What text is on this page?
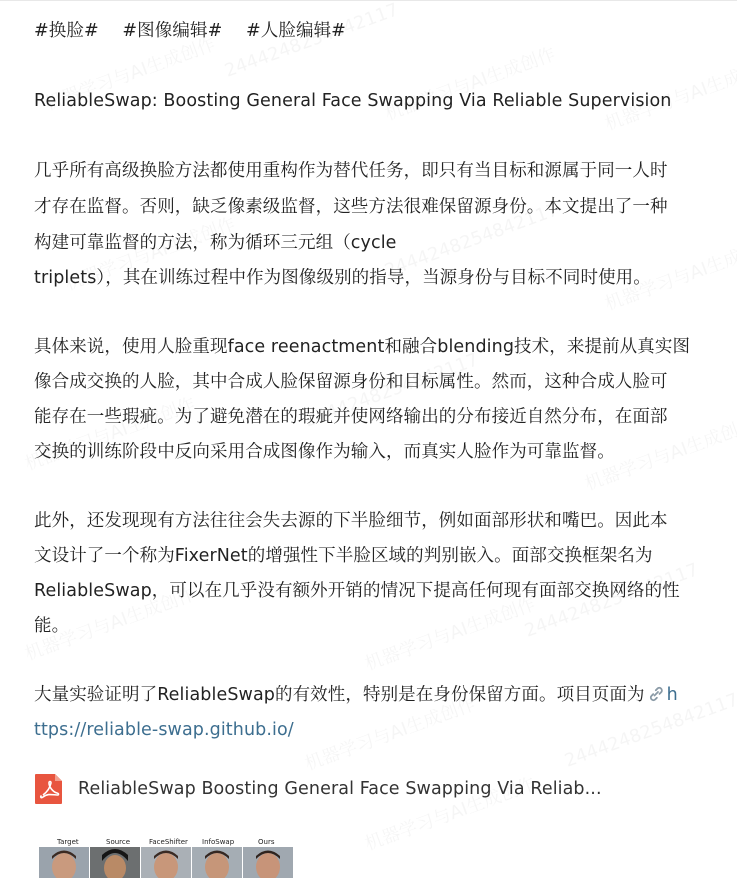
#换脸# #图像编辑# #人脸编辑#
ReliableSwap: Boosting General Face Swapping Via Reliable Supervision
几乎所有高级换脸方法都使用重构作为替代任务，即只有当目标和源属于同一人时
才存在监督。否则，缺乏像素级监督，这些方法很难保留源身份。本文提出了一种
构建可靠监督的方法，称为循环三元组（cycle
triplets），其在训练过程中作为图像级别的指导，当源身份与目标不同时使用。
具体来说，使用人脸重现face reenactment和融合blending技术，来提前从真实图
像合成交换的人脸，其中合成人脸保留源身份和目标属性。然而，这种合成人脸可
能存在一些瑕疵。为了避免潜在的瑕疵并使网络输出的分布接近自然分布，在面部
交换的训练阶段中反向采用合成图像作为输入，而真实人脸作为可靠监督。
此外，还发现现有方法往往会失去源的下半脸细节，例如面部形状和嘴巴。因此本
文设计了一个称为FixerNet的增强性下半脸区域的判别嵌入。面部交换框架名为
ReliableSwap，可以在几乎没有额外开销的情况下提高任何现有面部交换网络的性
能。
大量实验证明了ReliableSwap的有效性，特别是在身份保留方面。项目页面为 h
ttps://reliable-swap.github.io/
ReliableSwap Boosting General Face Swapping Via Reliab...
Target	Source	FaceShifter InfoSwap	Ours
